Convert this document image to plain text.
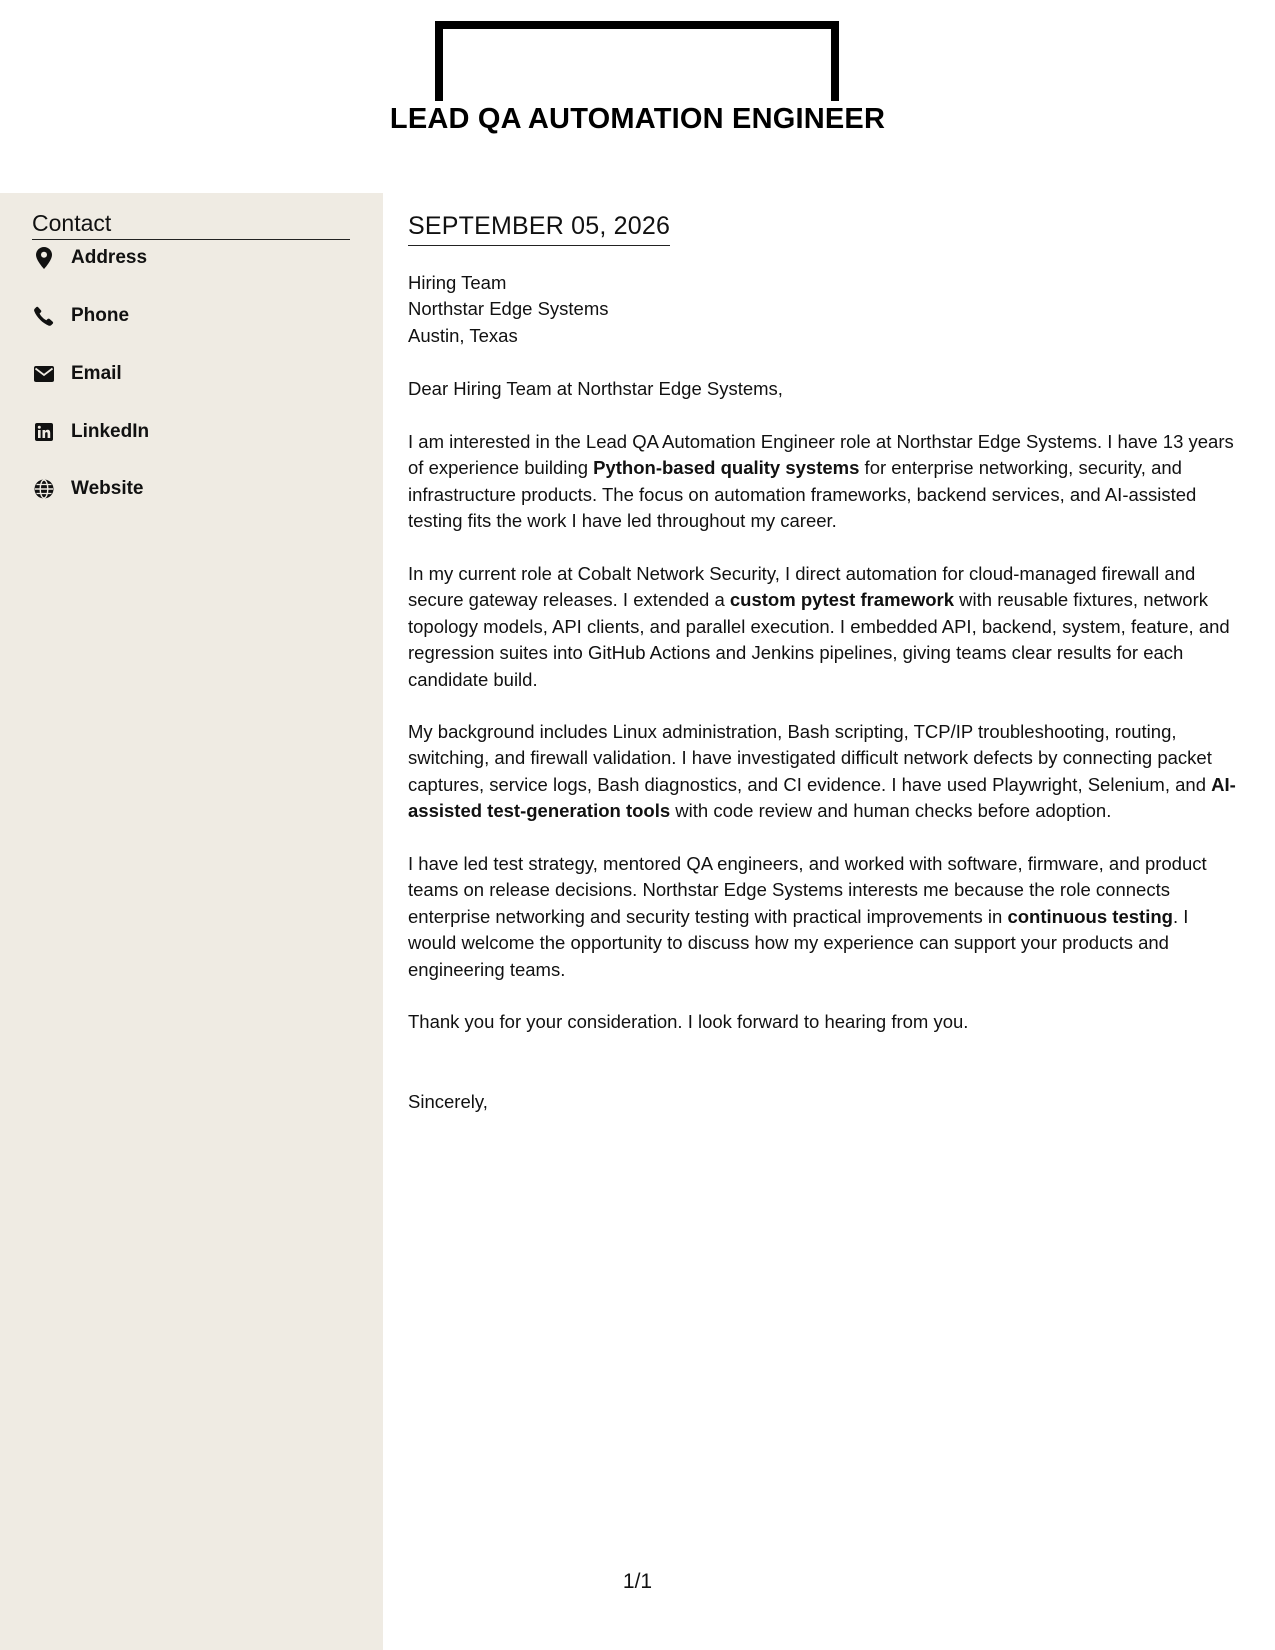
LEAD QA AUTOMATION ENGINEER
Contact
Address
Phone
Email
LinkedIn
Website
SEPTEMBER 05, 2026
Hiring Team
Northstar Edge Systems
Austin, Texas
Dear Hiring Team at Northstar Edge Systems,

I am interested in the Lead QA Automation Engineer role at Northstar Edge Systems. I have 13 years of experience building Python-based quality systems for enterprise networking, security, and infrastructure products. The focus on automation frameworks, backend services, and AI-assisted testing fits the work I have led throughout my career.

In my current role at Cobalt Network Security, I direct automation for cloud-managed firewall and secure gateway releases. I extended a custom pytest framework with reusable fixtures, network topology models, API clients, and parallel execution. I embedded API, backend, system, feature, and regression suites into GitHub Actions and Jenkins pipelines, giving teams clear results for each candidate build.

My background includes Linux administration, Bash scripting, TCP/IP troubleshooting, routing, switching, and firewall validation. I have investigated difficult network defects by connecting packet captures, service logs, Bash diagnostics, and CI evidence. I have used Playwright, Selenium, and AI-assisted test-generation tools with code review and human checks before adoption.

I have led test strategy, mentored QA engineers, and worked with software, firmware, and product teams on release decisions. Northstar Edge Systems interests me because the role connects enterprise networking and security testing with practical improvements in continuous testing. I would welcome the opportunity to discuss how my experience can support your products and engineering teams.

Thank you for your consideration. I look forward to hearing from you.

Sincerely,
1/1
